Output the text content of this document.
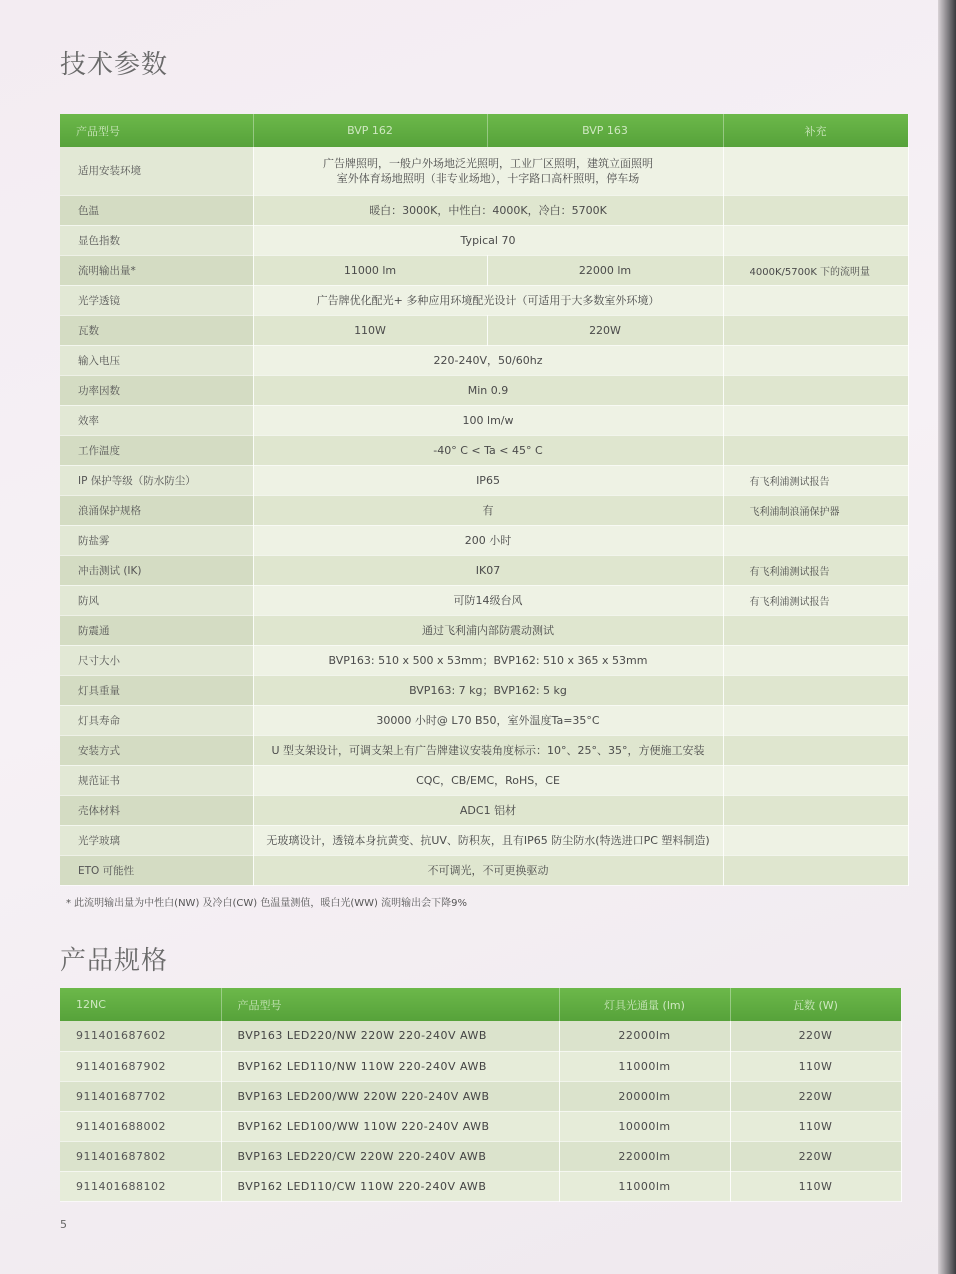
技术参数
产品型号	BVP 162	BVP 163	补充
适用安装环境	广告牌照明，一般户外场地泛光照明，工业厂区照明，建筑立面照明
室外体育场地照明（非专业场地），十字路口高杆照明，停车场		
色温	暖白：3000K，中性白：4000K，冷白：5700K		
显色指数	Typical 70		
流明输出量*	11000 lm	22000 lm	4000K/5700K 下的流明量
光学透镜	广告牌优化配光+ 多种应用环境配光设计（可适用于大多数室外环境）		
瓦数	110W	220W	
输入电压	220-240V，50/60hz		
功率因数	Min 0.9		
效率	100 lm/w		
工作温度	-40° C < Ta < 45° C		
IP 保护等级（防水防尘）	IP65		有飞利浦测试报告
浪涌保护规格	有		飞利浦制浪涌保护器
防盐雾	200 小时		
冲击测试 (IK)	IK07		有飞利浦测试报告
防风	可防14级台风		有飞利浦测试报告
防震通	通过飞利浦内部防震动测试		
尺寸大小	BVP163: 510 x 500 x 53mm；BVP162: 510 x 365 x 53mm		
灯具重量	BVP163: 7 kg；BVP162: 5 kg		
灯具寿命	30000 小时@ L70 B50，室外温度Ta=35°C		
安装方式	U 型支架设计，可调支架上有广告牌建议安装角度标示：10°、25°、35°，方便施工安装		
规范证书	CQC，CB/EMC，RoHS，CE		
壳体材料	ADC1 铝材		
光学玻璃	无玻璃设计，透镜本身抗黄变、抗UV、防积灰，且有IP65 防尘防水(特选进口PC 塑料制造)		
ETO 可能性	不可调光，不可更换驱动		
* 此流明输出量为中性白(NW) 及冷白(CW) 色温量测值，暖白光(WW) 流明输出会下降9%
产品规格
12NC	产品型号	灯具光通量 (lm)	瓦数 (W)
911401687602	BVP163 LED220/NW 220W 220-240V AWB	22000lm	220W
911401687902	BVP162 LED110/NW 110W 220-240V AWB	11000lm	110W
911401687702	BVP163 LED200/WW 220W 220-240V AWB	20000lm	220W
911401688002	BVP162 LED100/WW 110W 220-240V AWB	10000lm	110W
911401687802	BVP163 LED220/CW 220W 220-240V AWB	22000lm	220W
911401688102	BVP162 LED110/CW 110W 220-240V AWB	11000lm	110W
5
